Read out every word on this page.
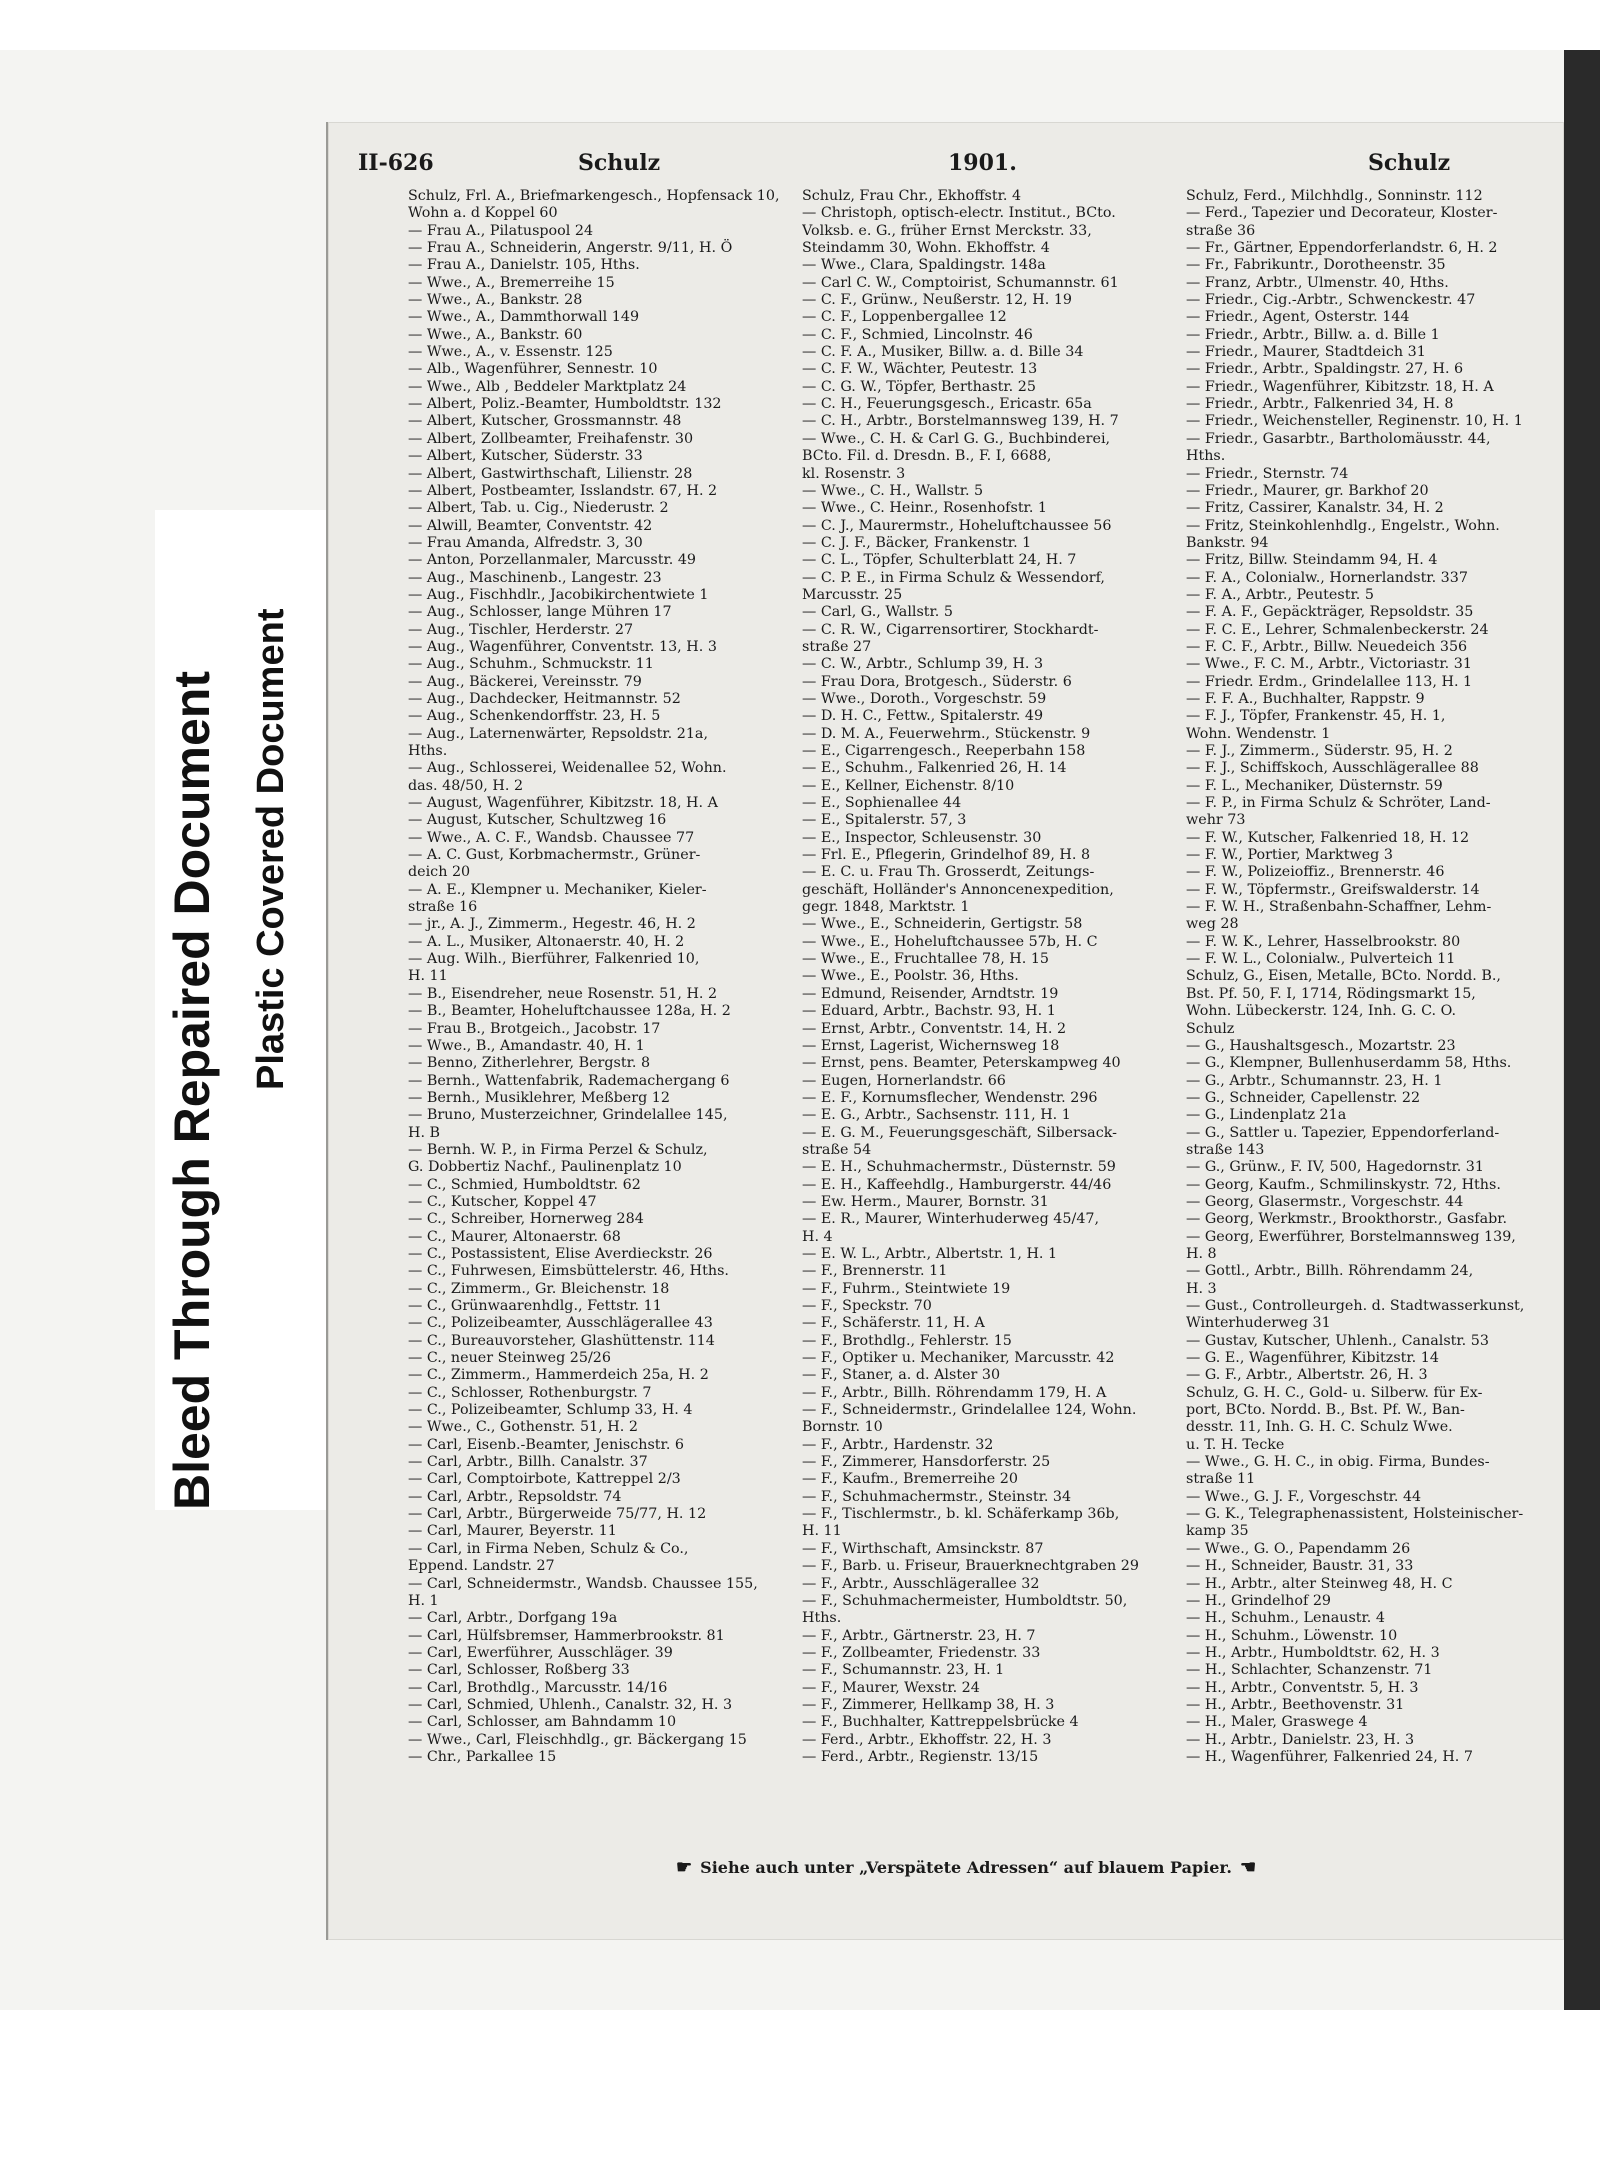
Bleed Through Repaired Document Plastic Covered Document
II-626	Schulz	1901.	Schulz
Schulz, Frl. A., Briefmarkengesch., Hopfensack 10,
Wohn a. d Koppel 60
— Frau A., Pilatuspool 24
— Frau A., Schneiderin, Angerstr. 9/11, H. Ö
— Frau A., Danielstr. 105, Hths.
— Wwe., A., Bremerreihe 15
— Wwe., A., Bankstr. 28
— Wwe., A., Dammthorwall 149
— Wwe., A., Bankstr. 60
— Wwe., A., v. Essenstr. 125
— Alb., Wagenführer, Sennestr. 10
— Wwe., Alb , Beddeler Marktplatz 24
— Albert, Poliz.-Beamter, Humboldtstr. 132
— Albert, Kutscher, Grossmannstr. 48
— Albert, Zollbeamter, Freihafenstr. 30
— Albert, Kutscher, Süderstr. 33
— Albert, Gastwirthschaft, Lilienstr. 28
— Albert, Postbeamter, Isslandstr. 67, H. 2
— Albert, Tab. u. Cig., Niederustr. 2
— Alwill, Beamter, Conventstr. 42
— Frau Amanda, Alfredstr. 3, 30
— Anton, Porzellanmaler, Marcusstr. 49
— Aug., Maschinenb., Langestr. 23
— Aug., Fischhdlr., Jacobikirchentwiete 1
— Aug., Schlosser, lange Mühren 17
— Aug., Tischler, Herderstr. 27
— Aug., Wagenführer, Conventstr. 13, H. 3
— Aug., Schuhm., Schmuckstr. 11
— Aug., Bäckerei, Vereinsstr. 79
— Aug., Dachdecker, Heitmannstr. 52
— Aug., Schenkendorffstr. 23, H. 5
— Aug., Laternenwärter, Repsoldstr. 21a,
Hths.
— Aug., Schlosserei, Weidenallee 52, Wohn.
das. 48/50, H. 2
— August, Wagenführer, Kibitzstr. 18, H. A
— August, Kutscher, Schultzweg 16
— Wwe., A. C. F., Wandsb. Chaussee 77
— A. C. Gust, Korbmachermstr., Grüner-
deich 20
— A. E., Klempner u. Mechaniker, Kieler-
straße 16
— jr., A. J., Zimmerm., Hegestr. 46, H. 2
— A. L., Musiker, Altonaerstr. 40, H. 2
— Aug. Wilh., Bierführer, Falkenried 10,
H. 11
— B., Eisendreher, neue Rosenstr. 51, H. 2
— B., Beamter, Hoheluftchaussee 128a, H. 2
— Frau B., Brotgeich., Jacobstr. 17
— Wwe., B., Amandastr. 40, H. 1
— Benno, Zitherlehrer, Bergstr. 8
— Bernh., Wattenfabrik, Rademachergang 6
— Bernh., Musiklehrer, Meßberg 12
— Bruno, Musterzeichner, Grindelallee 145,
H. B
— Bernh. W. P., in Firma Perzel & Schulz,
G. Dobbertiz Nachf., Paulinenplatz 10
— C., Schmied, Humboldtstr. 62
— C., Kutscher, Koppel 47
— C., Schreiber, Hornerweg 284
— C., Maurer, Altonaerstr. 68
— C., Postassistent, Elise Averdieckstr. 26
— C., Fuhrwesen, Eimsbüttelerstr. 46, Hths.
— C., Zimmerm., Gr. Bleichenstr. 18
— C., Grünwaarenhdlg., Fettstr. 11
— C., Polizeibeamter, Ausschlägerallee 43
— C., Bureauvorsteher, Glashüttenstr. 114
— C., neuer Steinweg 25/26
— C., Zimmerm., Hammerdeich 25a, H. 2
— C., Schlosser, Rothenburgstr. 7
— C., Polizeibeamter, Schlump 33, H. 4
— Wwe., C., Gothenstr. 51, H. 2
— Carl, Eisenb.-Beamter, Jenischstr. 6
— Carl, Arbtr., Billh. Canalstr. 37
— Carl, Comptoirbote, Kattreppel 2/3
— Carl, Arbtr., Repsoldstr. 74
— Carl, Arbtr., Bürgerweide 75/77, H. 12
— Carl, Maurer, Beyerstr. 11
— Carl, in Firma Neben, Schulz & Co.,
Eppend. Landstr. 27
— Carl, Schneidermstr., Wandsb. Chaussee 155,
H. 1
— Carl, Arbtr., Dorfgang 19a
— Carl, Hülfsbremser, Hammerbrookstr. 81
— Carl, Ewerführer, Ausschläger. 39
— Carl, Schlosser, Roßberg 33
— Carl, Brothdlg., Marcusstr. 14/16
— Carl, Schmied, Uhlenh., Canalstr. 32, H. 3
— Carl, Schlosser, am Bahndamm 10
— Wwe., Carl, Fleischhdlg., gr. Bäckergang 15
— Chr., Parkallee 15
Schulz, Frau Chr., Ekhoffstr. 4
— Christoph, optisch-electr. Institut., BCto.
Volksb. e. G., früher Ernst Merckstr. 33,
Steindamm 30, Wohn. Ekhoffstr. 4
— Wwe., Clara, Spaldingstr. 148a
— Carl C. W., Comptoirist, Schumannstr. 61
— C. F., Grünw., Neußerstr. 12, H. 19
— C. F., Loppenbergallee 12
— C. F., Schmied, Lincolnstr. 46
— C. F. A., Musiker, Billw. a. d. Bille 34
— C. F. W., Wächter, Peutestr. 13
— C. G. W., Töpfer, Berthastr. 25
— C. H., Feuerungsgesch., Ericastr. 65a
— C. H., Arbtr., Borstelmannsweg 139, H. 7
— Wwe., C. H. & Carl G. G., Buchbinderei,
BCto. Fil. d. Dresdn. B., F. I, 6688,
kl. Rosenstr. 3
— Wwe., C. H., Wallstr. 5
— Wwe., C. Heinr., Rosenhofstr. 1
— C. J., Maurermstr., Hoheluftchaussee 56
— C. J. F., Bäcker, Frankenstr. 1
— C. L., Töpfer, Schulterblatt 24, H. 7
— C. P. E., in Firma Schulz & Wessendorf,
Marcusstr. 25
— Carl, G., Wallstr. 5
— C. R. W., Cigarrensortirer, Stockhardt-
straße 27
— C. W., Arbtr., Schlump 39, H. 3
— Frau Dora, Brotgesch., Süderstr. 6
— Wwe., Doroth., Vorgeschstr. 59
— D. H. C., Fettw., Spitalerstr. 49
— D. M. A., Feuerwehrm., Stückenstr. 9
— E., Cigarrengesch., Reeperbahn 158
— E., Schuhm., Falkenried 26, H. 14
— E., Kellner, Eichenstr. 8/10
— E., Sophienallee 44
— E., Spitalerstr. 57, 3
— E., Inspector, Schleusenstr. 30
— Frl. E., Pflegerin, Grindelhof 89, H. 8
— E. C. u. Frau Th. Grosserdt, Zeitungs-
geschäft, Holländer's Annoncenexpedition,
gegr. 1848, Marktstr. 1
— Wwe., E., Schneiderin, Gertigstr. 58
— Wwe., E., Hoheluftchaussee 57b, H. C
— Wwe., E., Fruchtallee 78, H. 15
— Wwe., E., Poolstr. 36, Hths.
— Edmund, Reisender, Arndtstr. 19
— Eduard, Arbtr., Bachstr. 93, H. 1
— Ernst, Arbtr., Conventstr. 14, H. 2
— Ernst, Lagerist, Wichernsweg 18
— Ernst, pens. Beamter, Peterskampweg 40
— Eugen, Hornerlandstr. 66
— E. F., Kornumsflecher, Wendenstr. 296
— E. G., Arbtr., Sachsenstr. 111, H. 1
— E. G. M., Feuerungsgeschäft, Silbersack-
straße 54
— E. H., Schuhmachermstr., Düsternstr. 59
— E. H., Kaffeehdlg., Hamburgerstr. 44/46
— Ew. Herm., Maurer, Bornstr. 31
— E. R., Maurer, Winterhuderweg 45/47,
H. 4
— E. W. L., Arbtr., Albertstr. 1, H. 1
— F., Brennerstr. 11
— F., Fuhrm., Steintwiete 19
— F., Speckstr. 70
— F., Schäferstr. 11, H. A
— F., Brothdlg., Fehlerstr. 15
— F., Optiker u. Mechaniker, Marcusstr. 42
— F., Staner, a. d. Alster 30
— F., Arbtr., Billh. Röhrendamm 179, H. A
— F., Schneidermstr., Grindelallee 124, Wohn.
Bornstr. 10
— F., Arbtr., Hardenstr. 32
— F., Zimmerer, Hansdorferstr. 25
— F., Kaufm., Bremerreihe 20
— F., Schuhmachermstr., Steinstr. 34
— F., Tischlermstr., b. kl. Schäferkamp 36b,
H. 11
— F., Wirthschaft, Amsinckstr. 87
— F., Barb. u. Friseur, Brauerknechtgraben 29
— F., Arbtr., Ausschlägerallee 32
— F., Schuhmachermeister, Humboldtstr. 50,
Hths.
— F., Arbtr., Gärtnerstr. 23, H. 7
— F., Zollbeamter, Friedenstr. 33
— F., Schumannstr. 23, H. 1
— F., Maurer, Wexstr. 24
— F., Zimmerer, Hellkamp 38, H. 3
— F., Buchhalter, Kattreppelsbrücke 4
— Ferd., Arbtr., Ekhoffstr. 22, H. 3
— Ferd., Arbtr., Regienstr. 13/15
Schulz, Ferd., Milchhdlg., Sonninstr. 112
— Ferd., Tapezier und Decorateur, Kloster-
straße 36
— Fr., Gärtner, Eppendorferlandstr. 6, H. 2
— Fr., Fabrikuntr., Dorotheenstr. 35
— Franz, Arbtr., Ulmenstr. 40, Hths.
— Friedr., Cig.-Arbtr., Schwenckestr. 47
— Friedr., Agent, Osterstr. 144
— Friedr., Arbtr., Billw. a. d. Bille 1
— Friedr., Maurer, Stadtdeich 31
— Friedr., Arbtr., Spaldingstr. 27, H. 6
— Friedr., Wagenführer, Kibitzstr. 18, H. A
— Friedr., Arbtr., Falkenried 34, H. 8
— Friedr., Weichensteller, Reginenstr. 10, H. 1
— Friedr., Gasarbtr., Bartholomäusstr. 44,
Hths.
— Friedr., Sternstr. 74
— Friedr., Maurer, gr. Barkhof 20
— Fritz, Cassirer, Kanalstr. 34, H. 2
— Fritz, Steinkohlenhdlg., Engelstr., Wohn.
Bankstr. 94
— Fritz, Billw. Steindamm 94, H. 4
— F. A., Colonialw., Hornerlandstr. 337
— F. A., Arbtr., Peutestr. 5
— F. A. F., Gepäckträger, Repsoldstr. 35
— F. C. E., Lehrer, Schmalenbeckerstr. 24
— F. C. F., Arbtr., Billw. Neuedeich 356
— Wwe., F. C. M., Arbtr., Victoriastr. 31
— Friedr. Erdm., Grindelallee 113, H. 1
— F. F. A., Buchhalter, Rappstr. 9
— F. J., Töpfer, Frankenstr. 45, H. 1,
Wohn. Wendenstr. 1
— F. J., Zimmerm., Süderstr. 95, H. 2
— F. J., Schiffskoch, Ausschlägerallee 88
— F. L., Mechaniker, Düsternstr. 59
— F. P., in Firma Schulz & Schröter, Land-
wehr 73
— F. W., Kutscher, Falkenried 18, H. 12
— F. W., Portier, Marktweg 3
— F. W., Polizeioffiz., Brennerstr. 46
— F. W., Töpfermstr., Greifswalderstr. 14
— F. W. H., Straßenbahn-Schaffner, Lehm-
weg 28
— F. W. K., Lehrer, Hasselbrookstr. 80
— F. W. L., Colonialw., Pulverteich 11
Schulz, G., Eisen, Metalle, BCto. Nordd. B.,
Bst. Pf. 50, F. I, 1714, Rödingsmarkt 15,
Wohn. Lübeckerstr. 124, Inh. G. C. O.
Schulz
— G., Haushaltsgesch., Mozartstr. 23
— G., Klempner, Bullenhuserdamm 58, Hths.
— G., Arbtr., Schumannstr. 23, H. 1
— G., Schneider, Capellenstr. 22
— G., Lindenplatz 21a
— G., Sattler u. Tapezier, Eppendorferland-
straße 143
— G., Grünw., F. IV, 500, Hagedornstr. 31
— Georg, Kaufm., Schmilinskystr. 72, Hths.
— Georg, Glasermstr., Vorgeschstr. 44
— Georg, Werkmstr., Brookthorstr., Gasfabr.
— Georg, Ewerführer, Borstelmannsweg 139,
H. 8
— Gottl., Arbtr., Billh. Röhrendamm 24,
H. 3
— Gust., Controlleurgeh. d. Stadtwasserkunst,
Winterhuderweg 31
— Gustav, Kutscher, Uhlenh., Canalstr. 53
— G. E., Wagenführer, Kibitzstr. 14
— G. F., Arbtr., Albertstr. 26, H. 3
Schulz, G. H. C., Gold- u. Silberw. für Ex-
port, BCto. Nordd. B., Bst. Pf. W., Ban-
desstr. 11, Inh. G. H. C. Schulz Wwe.
u. T. H. Tecke
— Wwe., G. H. C., in obig. Firma, Bundes-
straße 11
— Wwe., G. J. F., Vorgeschstr. 44
— G. K., Telegraphenassistent, Holsteinischer-
kamp 35
— Wwe., G. O., Papendamm 26
— H., Schneider, Baustr. 31, 33
— H., Arbtr., alter Steinweg 48, H. C
— H., Grindelhof 29
— H., Schuhm., Lenaustr. 4
— H., Schuhm., Löwenstr. 10
— H., Arbtr., Humboldtstr. 62, H. 3
— H., Schlachter, Schanzenstr. 71
— H., Arbtr., Conventstr. 5, H. 3
— H., Arbtr., Beethovenstr. 31
— H., Maler, Graswege 4
— H., Arbtr., Danielstr. 23, H. 3
— H., Wagenführer, Falkenried 24, H. 7
☛ Siehe auch unter „Verspätete Adressen“ auf blauem Papier. ☚
